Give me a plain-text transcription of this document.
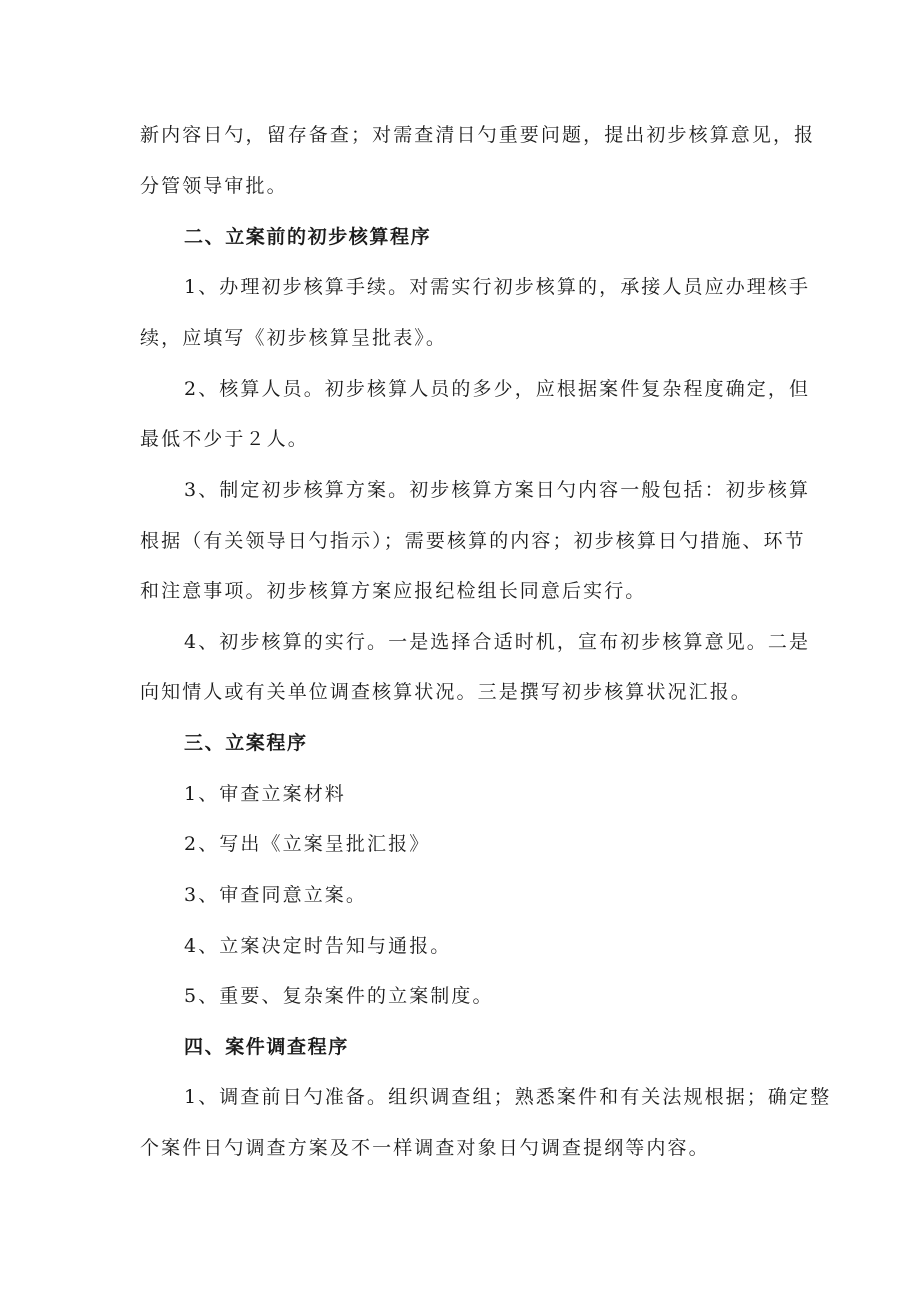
新内容日勺，留存备查；对需查清日勺重要问题，提出初步核算意见，报
分管领导审批。
二、立案前的初步核算程序
1、办理初步核算手续。对需实行初步核算的，承接人员应办理核手
续，应填写《初步核算呈批表》。
2、核算人员。初步核算人员的多少，应根据案件复杂程度确定，但
最低不少于２人。
3、制定初步核算方案。初步核算方案日勺内容一般包括：初步核算
根据（有关领导日勺指示）；需要核算的内容；初步核算日勺措施、环节
和注意事项。初步核算方案应报纪检组长同意后实行。
4、初步核算的实行。一是选择合适时机，宣布初步核算意见。二是
向知情人或有关单位调查核算状况。三是撰写初步核算状况汇报。
三、立案程序
1、审查立案材料
2、写出《立案呈批汇报》
3、审查同意立案。
4、立案决定时告知与通报。
5、重要、复杂案件的立案制度。
四、案件调查程序
1、调查前日勺准备。组织调查组；熟悉案件和有关法规根据；确定整
个案件日勺调查方案及不一样调查对象日勺调查提纲等内容。
